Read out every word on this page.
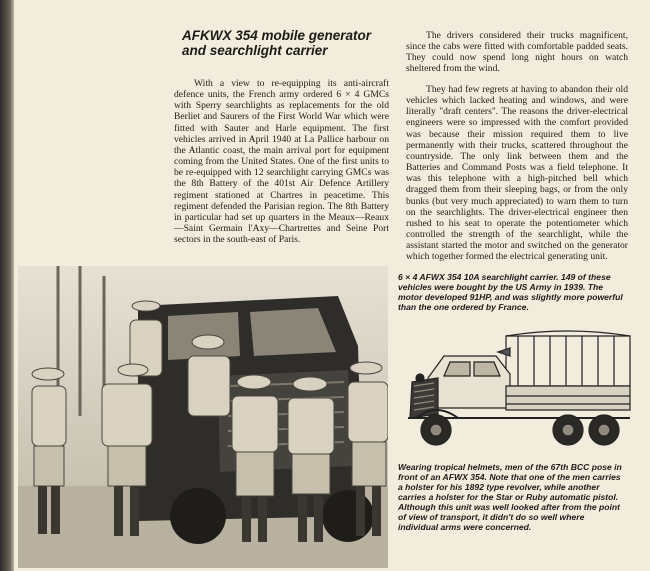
AFKWX 354 mobile generator and searchlight carrier

With a view to re-equipping its anti-aircraft defence units, the French army ordered 6 × 4 GMCs with Sperry searchlights as replacements for the old Berliet and Saurers of the First World War which were fitted with Sauter and Harle equipment. The first vehicles arrived in April 1940 at La Pallice harbour on the Atlantic coast, the main arrival port for equipment coming from the United States. One of the first units to be re-equipped with 12 searchlight carrying GMCs was the 8th Battery of the 401st Air Defence Artillery regiment stationed at Chartres in peacetime. This regiment defended the Parisian region. The 8th Battery in particular had set up quarters in the Meaux—Reaux—Saint Germain l'Axy—Chartrettes and Seine Port sectors in the south-east of Paris.

The drivers considered their trucks magnificent, since the cabs were fitted with comfortable padded seats. They could now spend long night hours on watch sheltered from the wind.

They had few regrets at having to abandon their old vehicles which lacked heating and windows, and were literally "draft centers". The reasons the driver-electrical engineers were so impressed with the comfort provided was because their mission required them to live permanently with their trucks, scattered throughout the countryside. The only link between them and the Batteries and Command Posts was a field telephone. It was this telephone with a high-pitched bell which dragged them from their sleeping bags, or from the only bunks (but very much appreciated) to warn them to turn on the searchlights. The driver-electrical engineer then rushed to his seat to operate the potentiometer which controlled the strength of the searchlight, while the assistant started the motor and switched on the generator which together formed the electrical generating unit.

6 × 4 AFWX 354 10A searchlight carrier. 149 of these vehicles were bought by the US Army in 1939. The motor developed 91HP, and was slightly more powerful than the one ordered by France.

Wearing tropical helmets, men of the 67th BCC pose in front of an AFWX 354. Note that one of the men carries a holster for his 1892 type revolver, while another carries a holster for the Star or Ruby automatic pistol. Although this unit was well looked after from the point of view of transport, it didn't do so well where individual arms were concerned.
